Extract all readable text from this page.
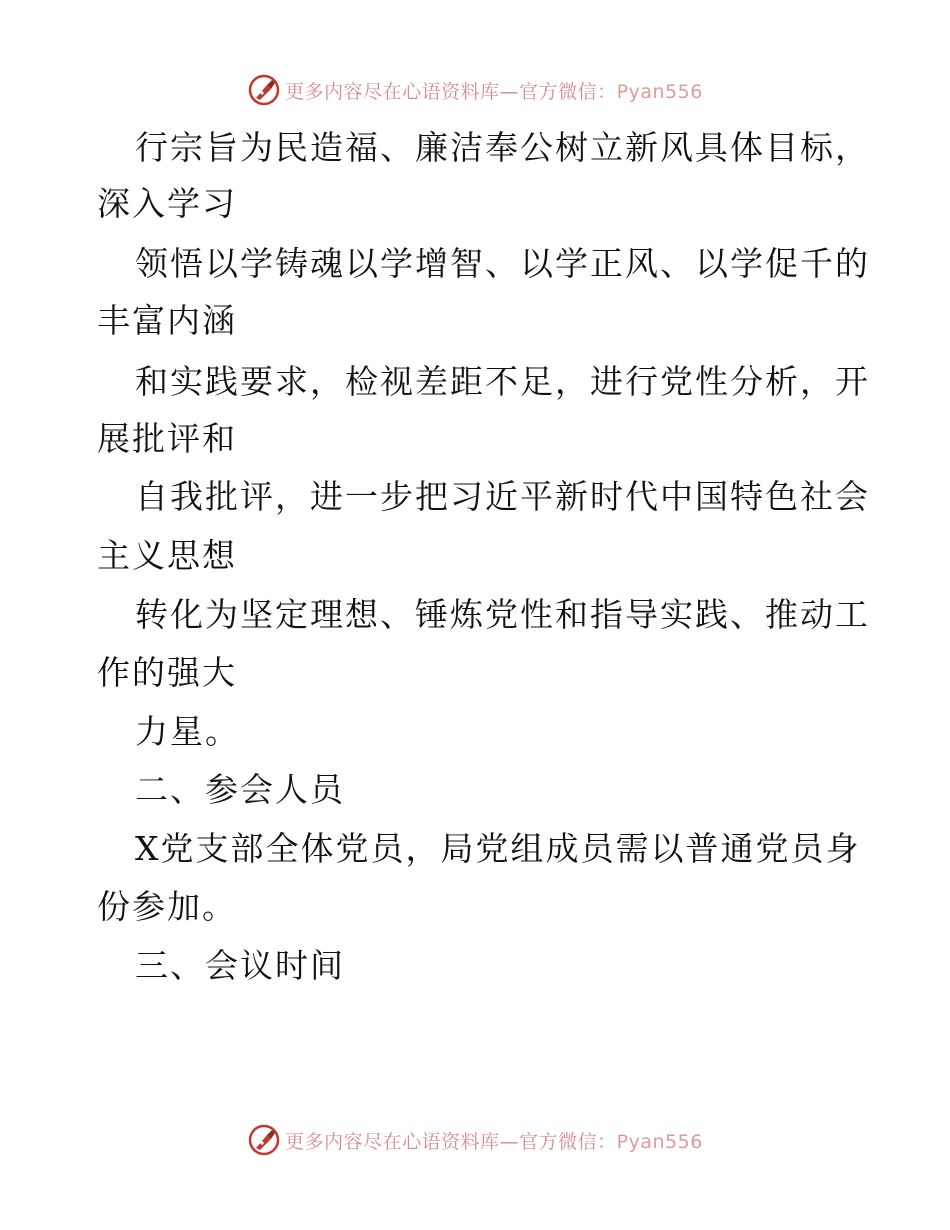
更多内容尽在心语资料库—官方微信：Pyan556
行宗旨为民造福、廉洁奉公树立新风具体目标，
深入学习
领悟以学铸魂以学增智、以学正风、以学促千的
丰富内涵
和实践要求，检视差距不足，进行党性分析，开
展批评和
自我批评，进一步把习近平新时代中国特色社会
主义思想
转化为坚定理想、锤炼党性和指导实践、推动工
作的强大
力星。
二、参会人员
X党支部全体党员，局党组成员需以普通党员身
份参加。
三、会议时间
更多内容尽在心语资料库—官方微信：Pyan556
